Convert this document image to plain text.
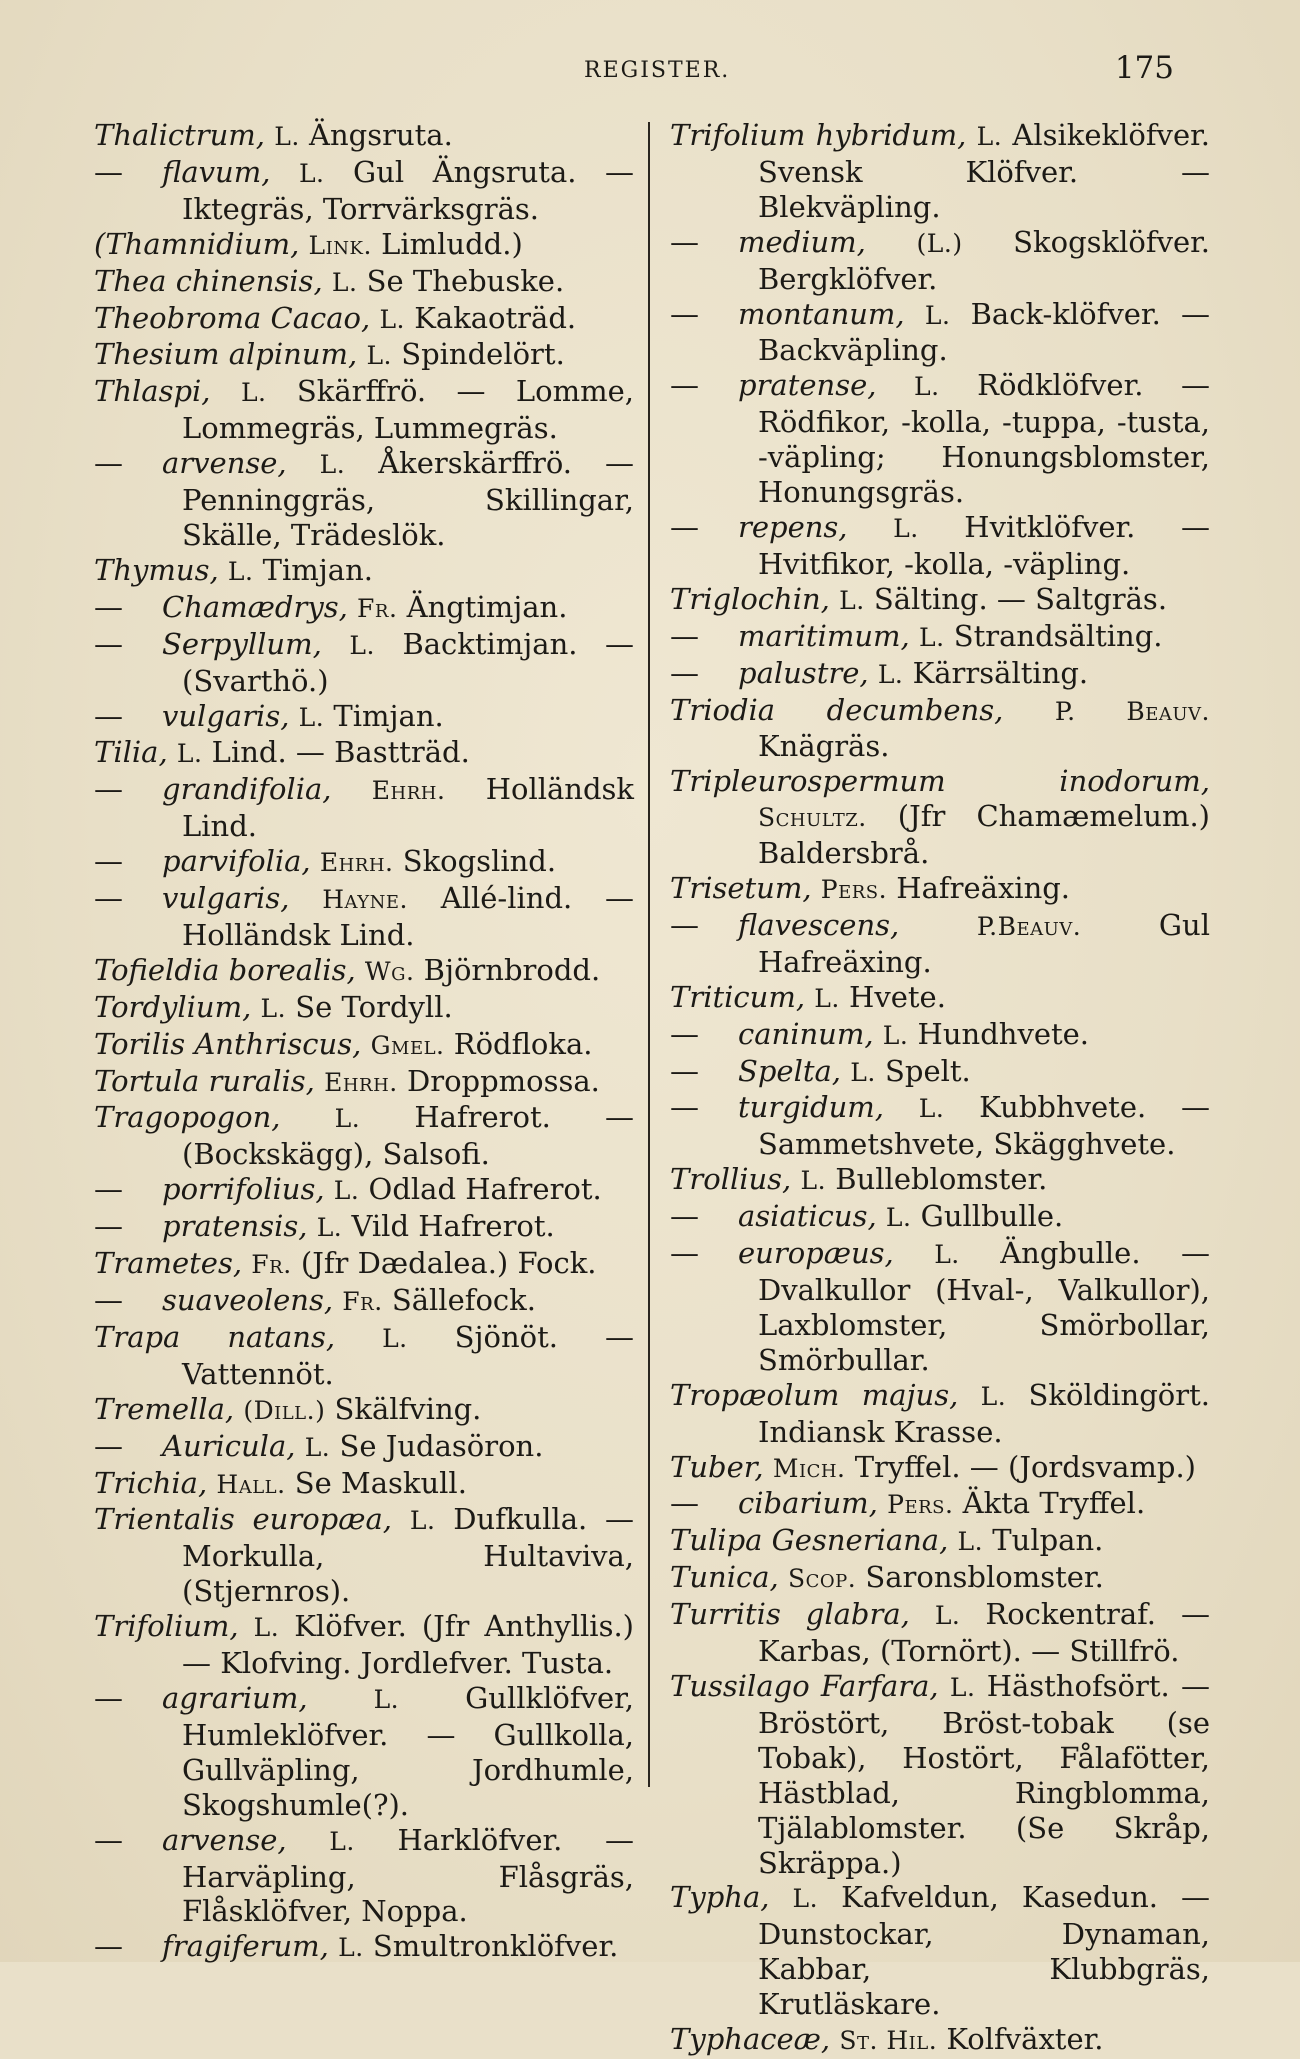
REGISTER.	175
Thalictrum, L. Ängsruta.
— flavum, L. Gul Ängsruta. — Iktegräs, Torrvärksgräs.
(Thamnidium, Link. Limludd.)
Thea chinensis, L. Se Thebuske.
Theobroma Cacao, L. Kakaoträd.
Thesium alpinum, L. Spindelört.
Thlaspi, L. Skärffrö. — Lomme, Lommegräs, Lummegräs.
— arvense, L. Åkerskärffrö. — Penninggräs, Skillingar, Skälle, Trädeslök.
Thymus, L. Timjan.
— Chamædrys, Fr. Ängtimjan.
— Serpyllum, L. Backtimjan. — (Svarthö.)
— vulgaris, L. Timjan.
Tilia, L. Lind. — Bastträd.
— grandifolia, Ehrh. Holländsk Lind.
— parvifolia, Ehrh. Skogslind.
— vulgaris, Hayne. Allé-lind. — Holländsk Lind.
Tofieldia borealis, Wg. Björnbrodd.
Tordylium, L. Se Tordyll.
Torilis Anthriscus, Gmel. Rödfloka.
Tortula ruralis, Ehrh. Droppmossa.
Tragopogon, L. Hafrerot. — (Bockskägg), Salsofi.
— porrifolius, L. Odlad Hafrerot.
— pratensis, L. Vild Hafrerot.
Trametes, Fr. (Jfr Dædalea.) Fock.
— suaveolens, Fr. Sällefock.
Trapa natans, L. Sjönöt. — Vattennöt.
Tremella, (Dill.) Skälfving.
— Auricula, L. Se Judasöron.
Trichia, Hall. Se Maskull.
Trientalis europæa, L. Dufkulla. — Morkulla, Hultaviva, (Stjernros).
Trifolium, L. Klöfver. (Jfr Anthyllis.) — Klofving. Jordlefver. Tusta.
— agrarium,	L. Gullklöfver, Humleklöfver. — Gullkolla, Gullväpling, Jordhumle, Skogshumle(?).
— arvense, L. Harklöfver. — Harväpling, Flåsgräs, Flåsklöfver, Noppa.
— fragiferum, L. Smultronklöfver.
Trifolium hybridum, L. Alsikeklöfver. Svensk Klöfver. — Blekväpling.
— medium, (L.) Skogsklöfver. Bergklöfver.
— montanum, L. Back-klöfver. — Backväpling.
— pratense, L. Rödklöfver. — Rödfikor, -kolla, -tuppa, -tusta, -väpling; Honungsblomster, Honungsgräs.
— repens, L. Hvitklöfver. — Hvitfikor, -kolla, -väpling.
Triglochin, L. Sälting. — Saltgräs.
— maritimum, L. Strandsälting.
— palustre, L. Kärrsälting.
Triodia decumbens, P. Beauv. Knägräs.
Tripleurospermum inodorum, Schultz. (Jfr Chamæmelum.) Baldersbrå.
Trisetum, Pers. Hafreäxing.
— flavescens,	P.Beauv. Gul Hafreäxing.
Triticum, L. Hvete.
— caninum, L. Hundhvete.
— Spelta, L. Spelt.
— turgidum, L. Kubbhvete. — Sammetshvete, Skägghvete.
Trollius, L. Bulleblomster.
— asiaticus, L. Gullbulle.
— europæus, L. Ängbulle. — Dvalkullor (Hval-, Valkullor), Laxblomster, Smörbollar, Smörbullar.
Tropæolum majus, L. Sköldingört. Indiansk Krasse.
Tuber, Mich. Tryffel. — (Jordsvamp.)
— cibarium, Pers. Äkta Tryffel.
Tulipa Gesneriana, L. Tulpan.
Tunica, Scop. Saronsblomster.
Turritis glabra, L. Rockentraf. — Karbas, (Tornört). — Stillfrö.
Tussilago Farfara, L. Hästhofsört. — Bröstört, Bröst-tobak (se Tobak), Hostört, Fålafötter, Hästblad, Ringblomma, Tjälablomster. (Se Skråp, Skräppa.)
Typha, L. Kafveldun, Kasedun. — Dunstockar, Dynaman, Kabbar, Klubbgräs, Krutläskare.
Typhaceæ, St. Hil. Kolfväxter.
